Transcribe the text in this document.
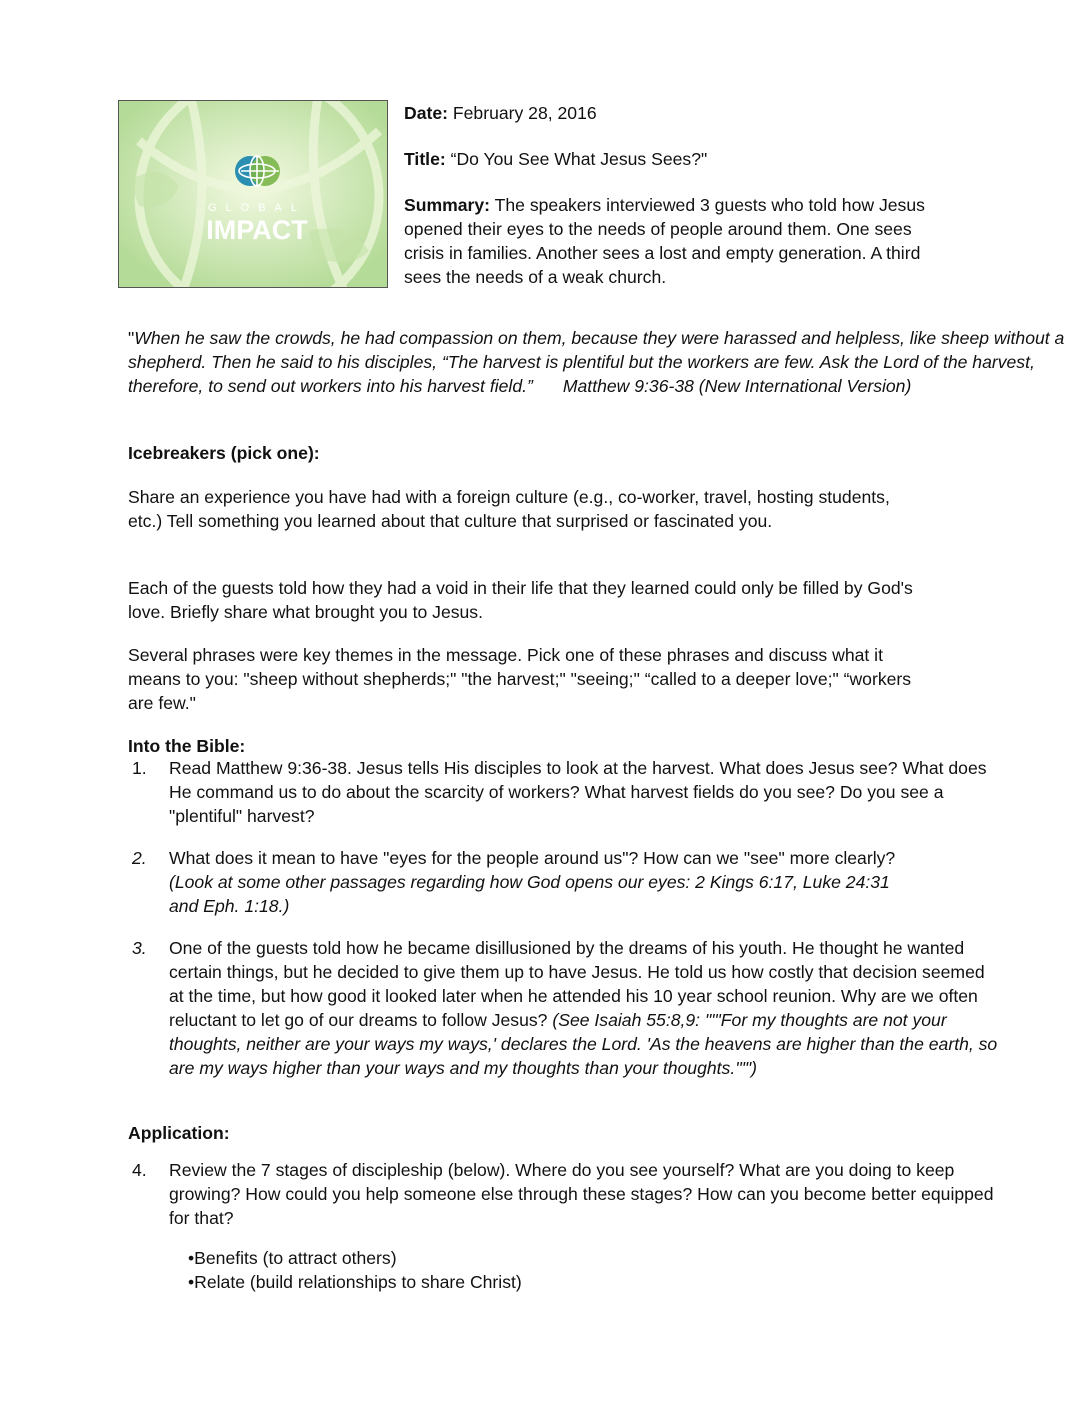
GLOBAL
IMPACT

Date: February 28, 2016

Title: “Do You See What Jesus Sees?"

Summary: The speakers interviewed 3 guests who told how Jesus opened their eyes to the needs of people around them. One sees crisis in families. Another sees a lost and empty generation. A third sees the needs of a weak church.

"When he saw the crowds, he had compassion on them, because they were harassed and helpless, like sheep without a shepherd. Then he said to his disciples, “The harvest is plentiful but the workers are few. Ask the Lord of the harvest, therefore, to send out workers into his harvest field.” Matthew 9:36-38 (New International Version)
Icebreakers (pick one):
Share an experience you have had with a foreign culture (e.g., co-worker, travel, hosting students, etc.) Tell something you learned about that culture that surprised or fascinated you.
Each of the guests told how they had a void in their life that they learned could only be filled by God's love. Briefly share what brought you to Jesus.
Several phrases were key themes in the message. Pick one of these phrases and discuss what it means to you: "sheep without shepherds;" "the harvest;" "seeing;" “called to a deeper love;" “workers are few."
Into the Bible:
1. Read Matthew 9:36-38. Jesus tells His disciples to look at the harvest. What does Jesus see? What does He command us to do about the scarcity of workers? What harvest fields do you see? Do you see a "plentiful" harvest?
2. What does it mean to have "eyes for the people around us"? How can we "see" more clearly? (Look at some other passages regarding how God opens our eyes: 2 Kings 6:17, Luke 24:31 and Eph. 1:18.)
3. One of the guests told how he became disillusioned by the dreams of his youth. He thought he wanted certain things, but he decided to give them up to have Jesus. He told us how costly that decision seemed at the time, but how good it looked later when he attended his 10 year school reunion. Why are we often reluctant to let go of our dreams to follow Jesus? (See Isaiah 55:8,9: "'"For my thoughts are not your thoughts, neither are your ways my ways,' declares the Lord. 'As the heavens are higher than the earth, so are my ways higher than your ways and my thoughts than your thoughts.'"")
Application:
4. Review the 7 stages of discipleship (below). Where do you see yourself? What are you doing to keep growing? How could you help someone else through these stages? How can you become better equipped for that?
•Benefits (to attract others)
•Relate (build relationships to share Christ)
